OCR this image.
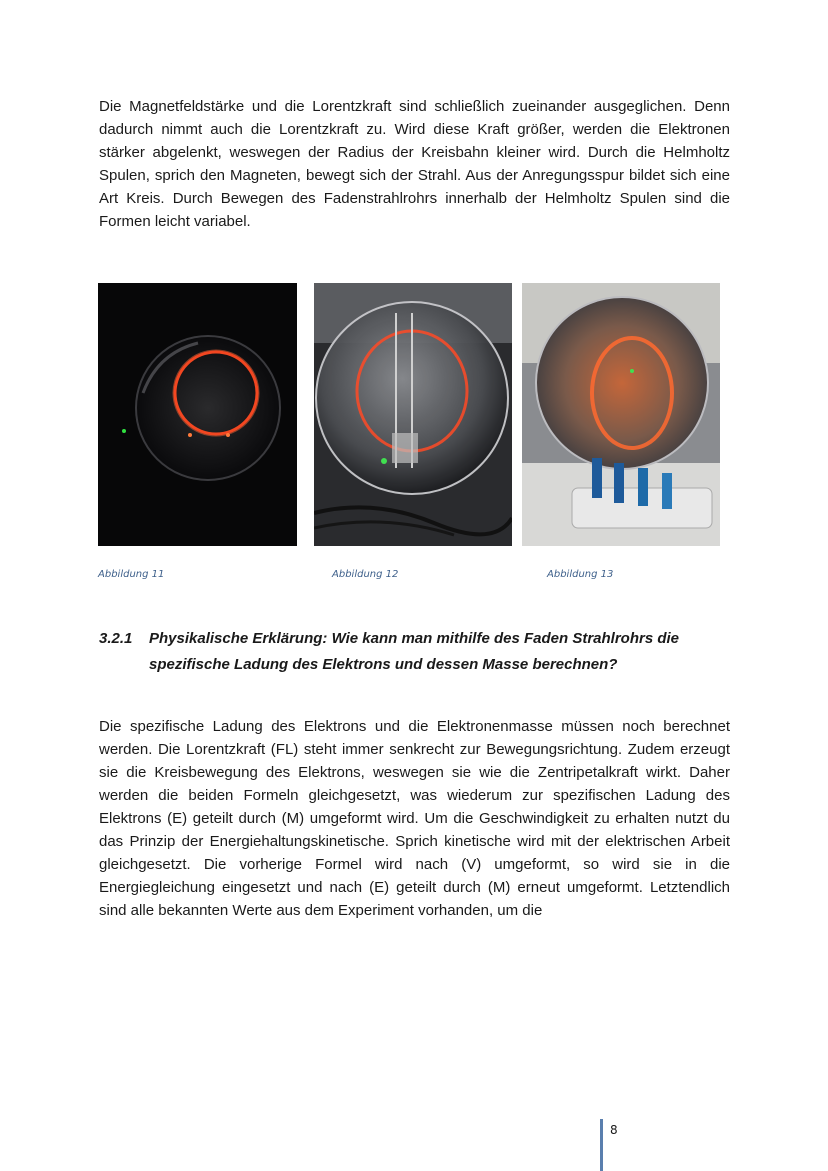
Die Magnetfeldstärke und die Lorentzkraft sind schließlich zueinander ausgeglichen. Denn dadurch nimmt auch die Lorentzkraft zu. Wird diese Kraft größer, werden die Elektronen stärker abgelenkt, weswegen der Radius der Kreisbahn kleiner wird. Durch die Helmholtz Spulen, sprich den Magneten, bewegt sich der Strahl. Aus der Anregungsspur bildet sich eine Art Kreis. Durch Bewegen des Fadenstrahlrohrs innerhalb der Helmholtz Spulen sind die Formen leicht variabel.

Abbildung 11	Abbildung 12	Abbildung 13
3.2.1 Physikalische Erklärung: Wie kann man mithilfe des Faden Strahlrohrs die spezifische Ladung des Elektrons und dessen Masse berechnen?

Die spezifische Ladung des Elektrons und die Elektronenmasse müssen noch berechnet werden. Die Lorentzkraft (FL) steht immer senkrecht zur Bewegungsrichtung. Zudem erzeugt sie die Kreisbewegung des Elektrons, weswegen sie wie die Zentripetalkraft wirkt. Daher werden die beiden Formeln gleichgesetzt, was wiederum zur spezifischen Ladung des Elektrons (E) geteilt durch (M) umgeformt wird. Um die Geschwindigkeit zu erhalten nutzt du das Prinzip der Energiehaltungskinetische. Sprich kinetische wird mit der elektrischen Arbeit gleichgesetzt. Die vorherige Formel wird nach (V) umgeformt, so wird sie in die Energiegleichung eingesetzt und nach (E) geteilt durch (M) erneut umgeformt. Letztendlich sind alle bekannten Werte aus dem Experiment vorhanden, um die

8
